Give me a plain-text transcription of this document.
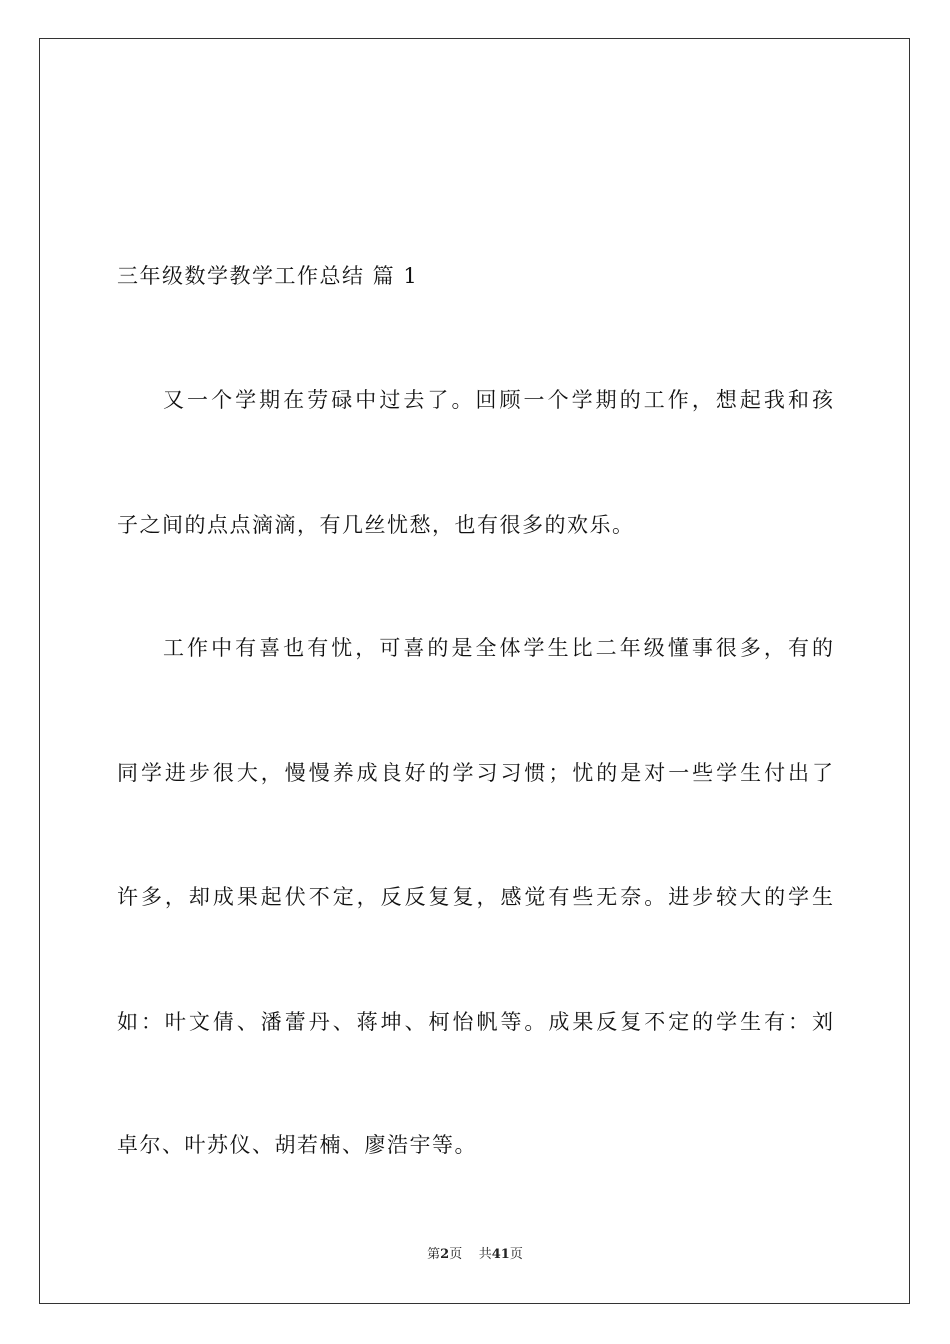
三年级数学教学工作总结 篇 1
又一个学期在劳碌中过去了。回顾一个学期的工作，想起我和孩
子之间的点点滴滴，有几丝忧愁，也有很多的欢乐。
工作中有喜也有忧，可喜的是全体学生比二年级懂事很多，有的
同学进步很大，慢慢养成良好的学习习惯；忧的是对一些学生付出了
许多，却成果起伏不定，反反复复，感觉有些无奈。进步较大的学生
如：叶文倩、潘蕾丹、蒋坤、柯怡帆等。成果反复不定的学生有：刘
卓尔、叶苏仪、胡若楠、廖浩宇等。
第2页 共41页
